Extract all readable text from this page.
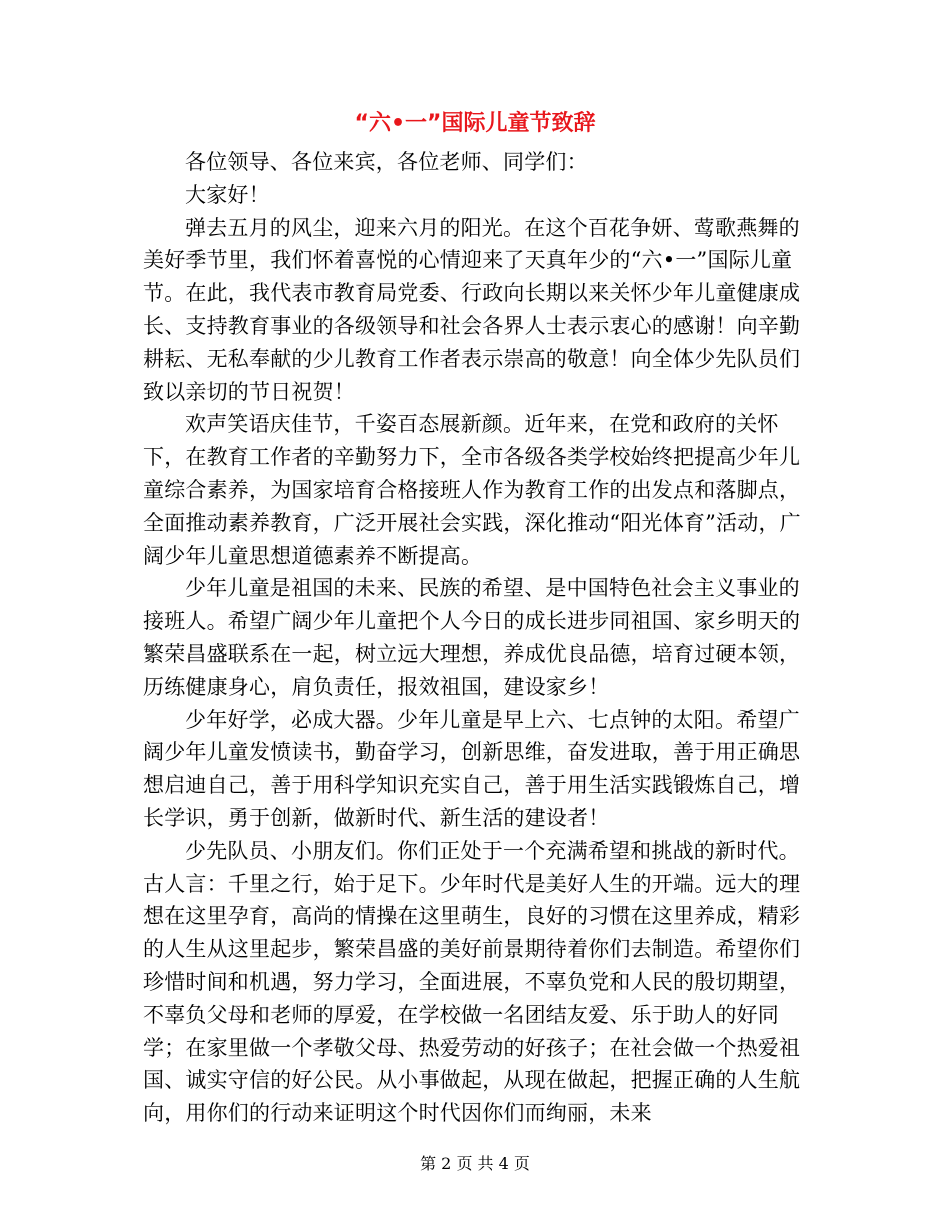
“六•一”国际儿童节致辞

各位领导、各位来宾，各位老师、同学们：

大家好！

弹去五月的风尘，迎来六月的阳光。在这个百花争妍、莺歌燕舞的美好季节里，我们怀着喜悦的心情迎来了天真年少的“六•一”国际儿童节。在此，我代表市教育局党委、行政向长期以来关怀少年儿童健康成长、支持教育事业的各级领导和社会各界人士表示衷心的感谢！向辛勤耕耘、无私奉献的少儿教育工作者表示崇高的敬意！向全体少先队员们致以亲切的节日祝贺！

欢声笑语庆佳节，千姿百态展新颜。近年来，在党和政府的关怀下，在教育工作者的辛勤努力下，全市各级各类学校始终把提高少年儿童综合素养，为国家培育合格接班人作为教育工作的出发点和落脚点，全面推动素养教育，广泛开展社会实践，深化推动“阳光体育”活动，广阔少年儿童思想道德素养不断提高。

少年儿童是祖国的未来、民族的希望、是中国特色社会主义事业的接班人。希望广阔少年儿童把个人今日的成长进步同祖国、家乡明天的繁荣昌盛联系在一起，树立远大理想，养成优良品德，培育过硬本领，历练健康身心，肩负责任，报效祖国，建设家乡！

少年好学，必成大器。少年儿童是早上六、七点钟的太阳。希望广阔少年儿童发愤读书，勤奋学习，创新思维，奋发进取，善于用正确思想启迪自己，善于用科学知识充实自己，善于用生活实践锻炼自己，增长学识，勇于创新，做新时代、新生活的建设者！

少先队员、小朋友们。你们正处于一个充满希望和挑战的新时代。古人言：千里之行，始于足下。少年时代是美好人生的开端。远大的理想在这里孕育，高尚的情操在这里萌生，良好的习惯在这里养成，精彩的人生从这里起步，繁荣昌盛的美好前景期待着你们去制造。希望你们珍惜时间和机遇，努力学习，全面进展，不辜负党和人民的殷切期望，不辜负父母和老师的厚爱，在学校做一名团结友爱、乐于助人的好同学；在家里做一个孝敬父母、热爱劳动的好孩子；在社会做一个热爱祖国、诚实守信的好公民。从小事做起，从现在做起，把握正确的人生航向，用你们的行动来证明这个时代因你们而绚丽，未来

第 2 页 共 4 页
